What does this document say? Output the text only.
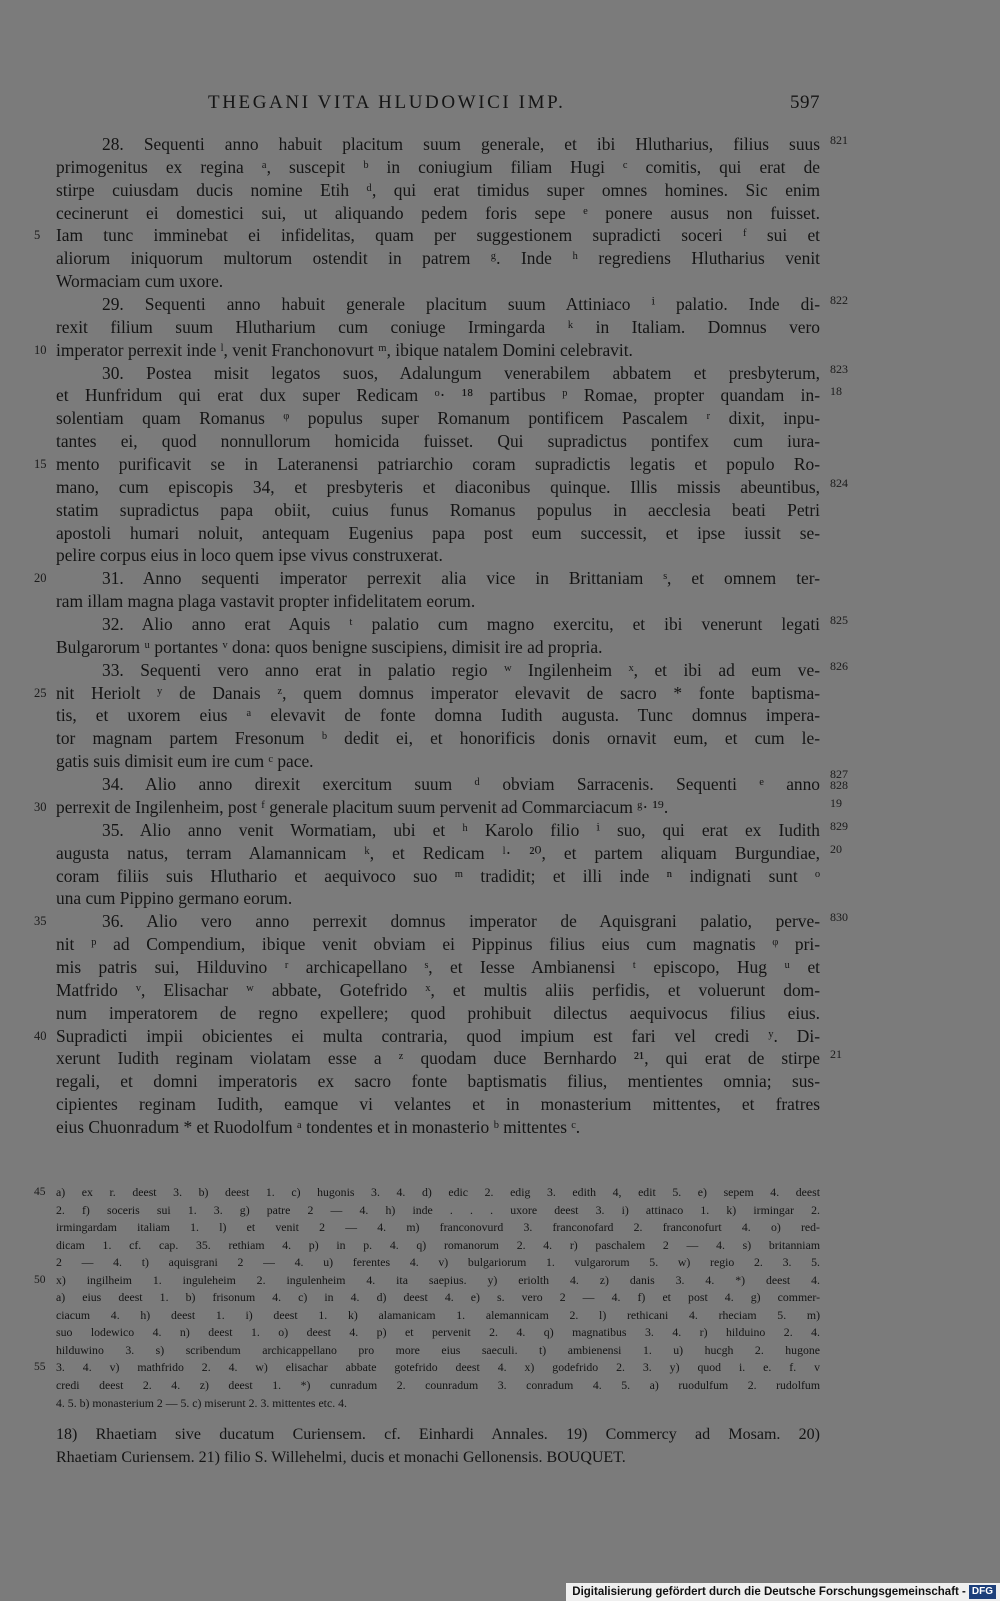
THEGANI VITA HLUDOWICI IMP.	597
28. Sequenti anno habuit placitum suum generale, et ibi Hlutharius, filius suus 821
primogenitus ex regina ᵃ, suscepit ᵇ in coniugium filiam Hugi ᶜ comitis, qui erat de
stirpe cuiusdam ducis nomine Etih ᵈ, qui erat timidus super omnes homines. Sic enim
cecinerunt ei domestici sui, ut aliquando pedem foris sepe ᵉ ponere ausus non fuisset.
Iam tunc imminebat ei infidelitas, quam per suggestionem supradicti soceri ᶠ sui et
5
aliorum iniquorum multorum ostendit in patrem ᵍ. Inde ʰ regrediens Hlutharius venit
Wormaciam cum uxore.
29. Sequenti anno habuit generale placitum suum Attiniaco ⁱ palatio. Inde di- 822
rexit filium suum Hlutharium cum coniuge Irmingarda ᵏ in Italiam. Domnus vero
imperator perrexit inde ˡ, venit Franchonovurt ᵐ, ibique natalem Domini celebravit.
10
30. Postea misit legatos suos, Adalungum venerabilem abbatem et presbyterum, 823
et Hunfridum qui erat dux super Redicam ᵒ· ¹⁸ partibus ᵖ Romae, propter quandam in- 18
solentiam quam Romanus ᵠ populus super Romanum pontificem Pascalem ʳ dixit, inpu-
tantes ei, quod nonnullorum homicida fuisset. Qui supradictus pontifex cum iura-
mento purificavit se in Lateranensi patriarchio coram supradictis legatis et populo Ro-
15
mano, cum episcopis 34, et presbyteris et diaconibus quinque. Illis missis abeuntibus, 824
statim supradictus papa obiit, cuius funus Romanus populus in aecclesia beati Petri
apostoli humari noluit, antequam Eugenius papa post eum successit, et ipse iussit se-
pelire corpus eius in loco quem ipse vivus construxerat.
31. Anno sequenti imperator perrexit alia vice in Brittaniam ˢ, et omnem ter-
20
ram illam magna plaga vastavit propter infidelitatem eorum.
32. Alio anno erat Aquis ᵗ palatio cum magno exercitu, et ibi venerunt legati 825
Bulgarorum ᵘ portantes ᵛ dona: quos benigne suscipiens, dimisit ire ad propria.
33. Sequenti vero anno erat in palatio regio ʷ Ingilenheim ˣ, et ibi ad eum ve- 826
nit Heriolt ʸ de Danais ᶻ, quem domnus imperator elevavit de sacro * fonte baptisma-
25
tis, et uxorem eius ᵃ elevavit de fonte domna Iudith augusta. Tunc domnus impera-
tor magnam partem Fresonum ᵇ dedit ei, et honorificis donis ornavit eum, et cum le-
gatis suis dimisit eum ire cum ᶜ pace.
34. Alio anno direxit exercitum suum ᵈ obviam Sarracenis. Sequenti ᵉ anno 827
828
perrexit de Ingilenheim, post ᶠ generale placitum suum pervenit ad Commarciacum ᵍ· ¹⁹.
30	19
35. Alio anno venit Wormatiam, ubi et ʰ Karolo filio ⁱ suo, qui erat ex Iudith 829
augusta natus, terram Alamannicam ᵏ, et Redicam ˡ· ²⁰, et partem aliquam Burgundiae, 20
coram filiis suis Hluthario et aequivoco suo ᵐ tradidit; et illi inde ⁿ indignati sunt ᵒ
una cum Pippino germano eorum.
36. Alio vero anno perrexit domnus imperator de Aquisgrani palatio, perve-
35	830
nit ᵖ ad Compendium, ibique venit obviam ei Pippinus filius eius cum magnatis ᵠ pri-
mis patris sui, Hilduvino ʳ archicapellano ˢ, et Iesse Ambianensi ᵗ episcopo, Hug ᵘ et
Matfrido ᵛ, Elisachar ʷ abbate, Gotefrido ˣ, et multis aliis perfidis, et voluerunt dom-
num imperatorem de regno expellere; quod prohibuit dilectus aequivocus filius eius.
Supradicti impii obicientes ei multa contraria, quod impium est fari vel credi ʸ. Di-
40
xerunt Iudith reginam violatam esse a ᶻ quodam duce Bernhardo ²¹, qui erat de stirpe 21
regali, et domni imperatoris ex sacro fonte baptismatis filius, mentientes omnia; sus-
cipientes reginam Iudith, eamque vi velantes et in monasterium mittentes, et fratres
eius Chuonradum * et Ruodolfum ᵃ tondentes et in monasterio ᵇ mittentes ᶜ.
a) ex r. deest 3. b) deest 1. c) hugonis 3. 4. d) edic 2. edig 3. edith 4, edit 5. e) sepem 4. deest
45
2. f) soceris sui 1. 3. g) patre 2 — 4. h) inde . . . uxore deest 3. i) attinaco 1. k) irmingar 2.
irmingardam italiam 1. l) et venit 2 — 4. m) franconovurd 3. franconofard 2. franconofurt 4. o) red-
dicam 1. cf. cap. 35. rethiam 4. p) in p. 4. q) romanorum 2. 4. r) paschalem 2 — 4. s) britanniam
2 — 4. t) aquisgrani 2 — 4. u) ferentes 4. v) bulgariorum 1. vulgarorum 5. w) regio 2. 3. 5.
x) ingilheim 1. inguleheim 2. ingulenheim 4. ita saepius. y) eriolth 4. z) danis 3. 4. *) deest 4.
50
a) eius deest 1. b) frisonum 4. c) in 4. d) deest 4. e) s. vero 2 — 4. f) et post 4. g) commer-
ciacum 4. h) deest 1. i) deest 1. k) alamanicam 1. alemannicam 2. l) rethicani 4. rheciam 5. m)
suo lodewico 4. n) deest 1. o) deest 4. p) et pervenit 2. 4. q) magnatibus 3. 4. r) hilduino 2. 4.
hilduwino 3. s) scribendum archicappellano pro more eius saeculi. t) ambienensi 1. u) hucgh 2. hugone
3. 4. v) mathfrido 2. 4. w) elisachar abbate gotefrido deest 4. x) godefrido 2. 3. y) quod i. e. f. v
55
credi deest 2. 4. z) deest 1. *) cunradum 2. counradum 3. conradum 4. 5. a) ruodulfum 2. rudolfum
4. 5. b) monasterium 2 — 5. c) miserunt 2. 3. mittentes etc. 4.
18) Rhaetiam sive ducatum Curiensem. cf. Einhardi Annales. 19) Commercy ad Mosam. 20)
Rhaetiam Curiensem. 21) filio S. Willehelmi, ducis et monachi Gellonensis. BOUQUET.
Digitalisierung gefördert durch die Deutsche Forschungsgemeinschaft - DFG
